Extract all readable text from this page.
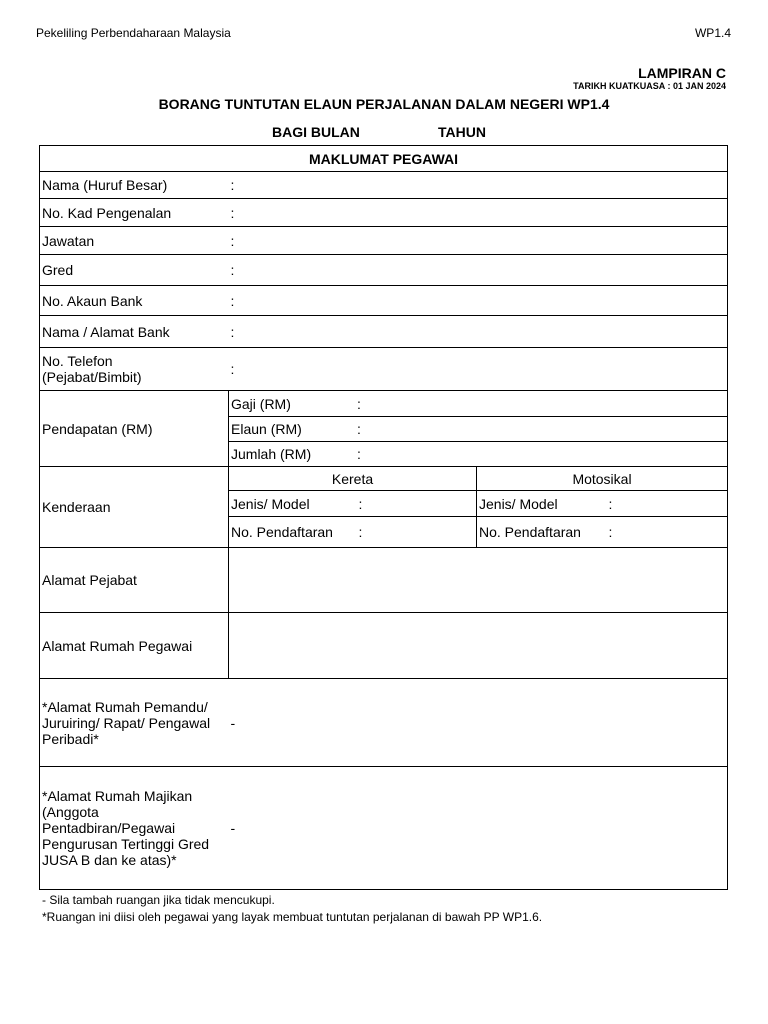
Pekeliling Perbendaharaan Malaysia	WP1.4
LAMPIRAN C
TARIKH KUATKUASA : 01 JAN 2024
BORANG TUNTUTAN ELAUN PERJALANAN DALAM NEGERI WP1.4
BAGI BULAN	TAHUN
MAKLUMAT PEGAWAI				
Nama (Huruf Besar)	:			
No. Kad Pengenalan	:			
Jawatan	:			
Gred	:			
No. Akaun Bank	:			
Nama / Alamat Bank	:			

No. Telefon
(Pejabat/Bimbit)	:			
Pendapatan (RM)	Gaji (RM) :			
	Elaun (RM) :			
	Jumlah (RM) :			
Kenderaan	Kereta		Motosikal	
	Jenis/ Model	:	Jenis/ Model	:
	No. Pendaftaran	:	No. Pendaftaran	:
Alamat Pejabat				
Alamat Rumah Pegawai				

*Alamat Rumah Pemandu/
Juruiring/ Rapat/ Pengawal
Peribadi*	-			

*Alamat Rumah Majikan
(Anggota
Pentadbiran/Pegawai
Pengurusan Tertinggi Gred
JUSA B dan ke atas)*	-			
- Sila tambah ruangan jika tidak mencukupi.
*Ruangan ini diisi oleh pegawai yang layak membuat tuntutan perjalanan di bawah PP WP1.6.
